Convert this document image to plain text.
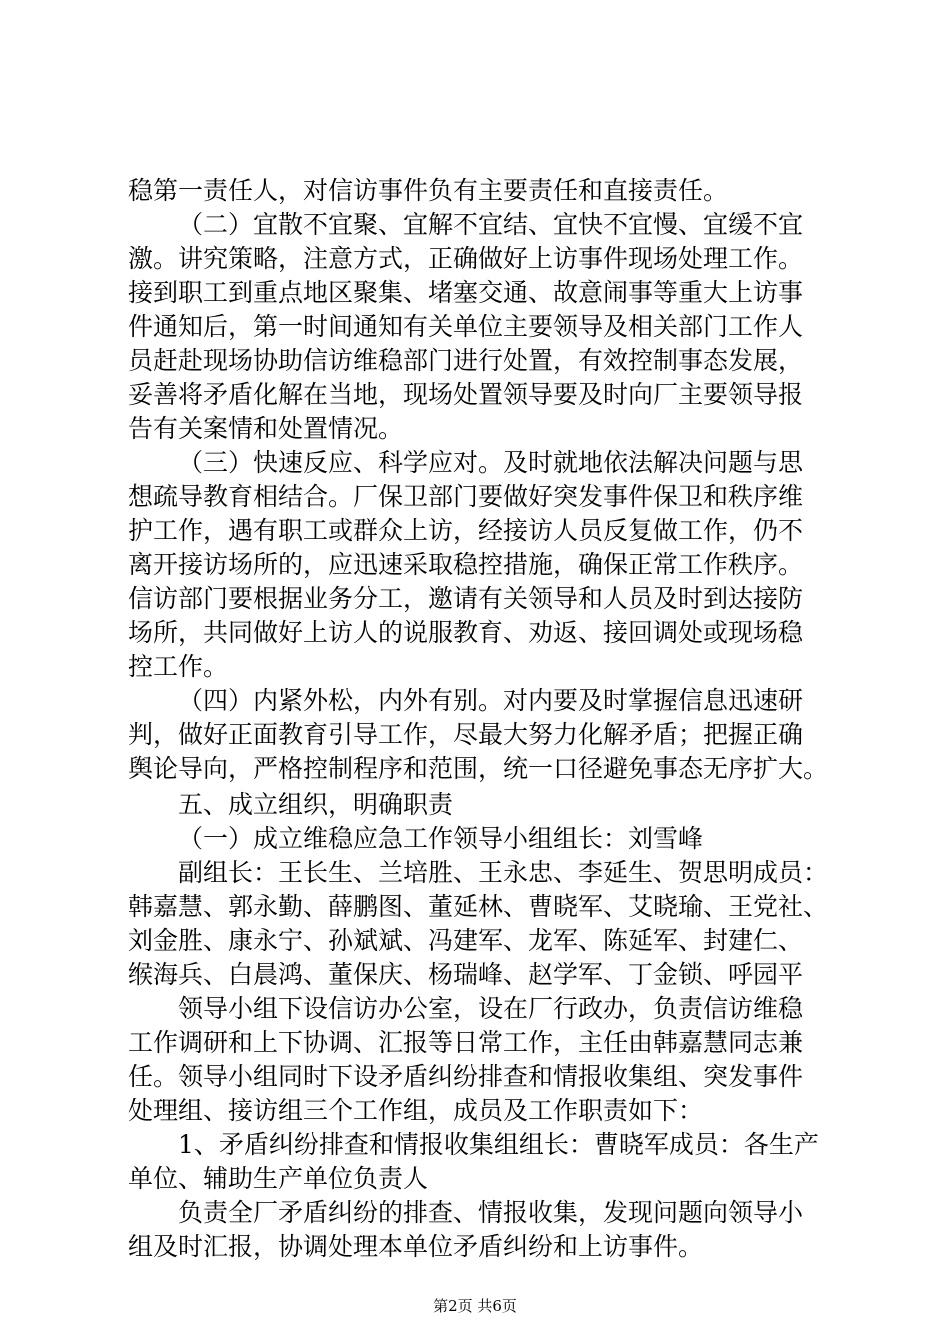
稳第一责任人，对信访事件负有主要责任和直接责任。
（二）宜散不宜聚、宜解不宜结、宜快不宜慢、宜缓不宜
激。讲究策略，注意方式，正确做好上访事件现场处理工作。
接到职工到重点地区聚集、堵塞交通、故意闹事等重大上访事
件通知后，第一时间通知有关单位主要领导及相关部门工作人
员赶赴现场协助信访维稳部门进行处置，有效控制事态发展，
妥善将矛盾化解在当地，现场处置领导要及时向厂主要领导报
告有关案情和处置情况。
（三）快速反应、科学应对。及时就地依法解决问题与思
想疏导教育相结合。厂保卫部门要做好突发事件保卫和秩序维
护工作，遇有职工或群众上访，经接访人员反复做工作，仍不
离开接访场所的，应迅速采取稳控措施，确保正常工作秩序。
信访部门要根据业务分工，邀请有关领导和人员及时到达接防
场所，共同做好上访人的说服教育、劝返、接回调处或现场稳
控工作。
（四）内紧外松，内外有别。对内要及时掌握信息迅速研
判，做好正面教育引导工作，尽最大努力化解矛盾；把握正确
舆论导向，严格控制程序和范围，统一口径避免事态无序扩大。
五、成立组织，明确职责
（一）成立维稳应急工作领导小组组长：刘雪峰
副组长：王长生、兰培胜、王永忠、李延生、贺思明成员：
韩嘉慧、郭永勤、薛鹏图、董延林、曹晓军、艾晓瑜、王党社、
刘金胜、康永宁、孙斌斌、冯建军、龙军、陈延军、封建仁、
缑海兵、白晨鸿、董保庆、杨瑞峰、赵学军、丁金锁、呼园平
领导小组下设信访办公室，设在厂行政办，负责信访维稳
工作调研和上下协调、汇报等日常工作，主任由韩嘉慧同志兼
任。领导小组同时下设矛盾纠纷排查和情报收集组、突发事件
处理组、接访组三个工作组，成员及工作职责如下：
1、矛盾纠纷排查和情报收集组组长：曹晓军成员：各生产
单位、辅助生产单位负责人
负责全厂矛盾纠纷的排查、情报收集，发现问题向领导小
组及时汇报，协调处理本单位矛盾纠纷和上访事件。
第2页 共6页
